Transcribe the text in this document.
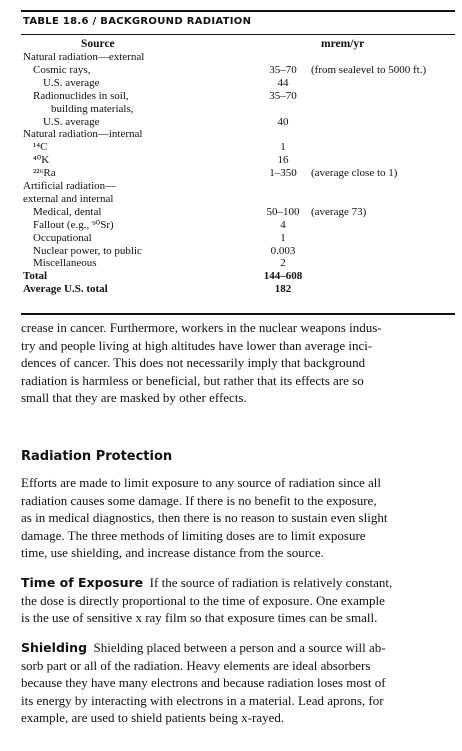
TABLE 18.6 / BACKGROUND RADIATION
Source	mrem/yr
Natural radiation—external
Cosmic rays,	35–70	(from sealevel to 5000 ft.)
U.S. average	44
Radionuclides in soil,	35–70
building materials,
U.S. average	40
Natural radiation—internal
¹⁴C	1
⁴⁰K	16
²²⁶Ra	1–350	(average close to 1)
Artificial radiation—
external and internal
Medical, dental	50–100	(average 73)
Fallout (e.g., ⁹⁰Sr)	4
Occupational	1
Nuclear power, to public	0.003
Miscellaneous	2
Total	144–608
Average U.S. total	182

crease in cancer. Furthermore, workers in the nuclear weapons indus-
try and people living at high altitudes have lower than average inci-
dences of cancer. This does not necessarily imply that background
radiation is harmless or beneficial, but rather that its effects are so
small that they are masked by other effects.

Radiation Protection

Efforts are made to limit exposure to any source of radiation since all
radiation causes some damage. If there is no benefit to the exposure,
as in medical diagnostics, then there is no reason to sustain even slight
damage. The three methods of limiting doses are to limit exposure
time, use shielding, and increase distance from the source.

Time of Exposure If the source of radiation is relatively constant,
the dose is directly proportional to the time of exposure. One example
is the use of sensitive x ray film so that exposure times can be small.

Shielding Shielding placed between a person and a source will ab-
sorb part or all of the radiation. Heavy elements are ideal absorbers
because they have many electrons and because radiation loses most of
its energy by interacting with electrons in a material. Lead aprons, for
example, are used to shield patients being x-rayed.
